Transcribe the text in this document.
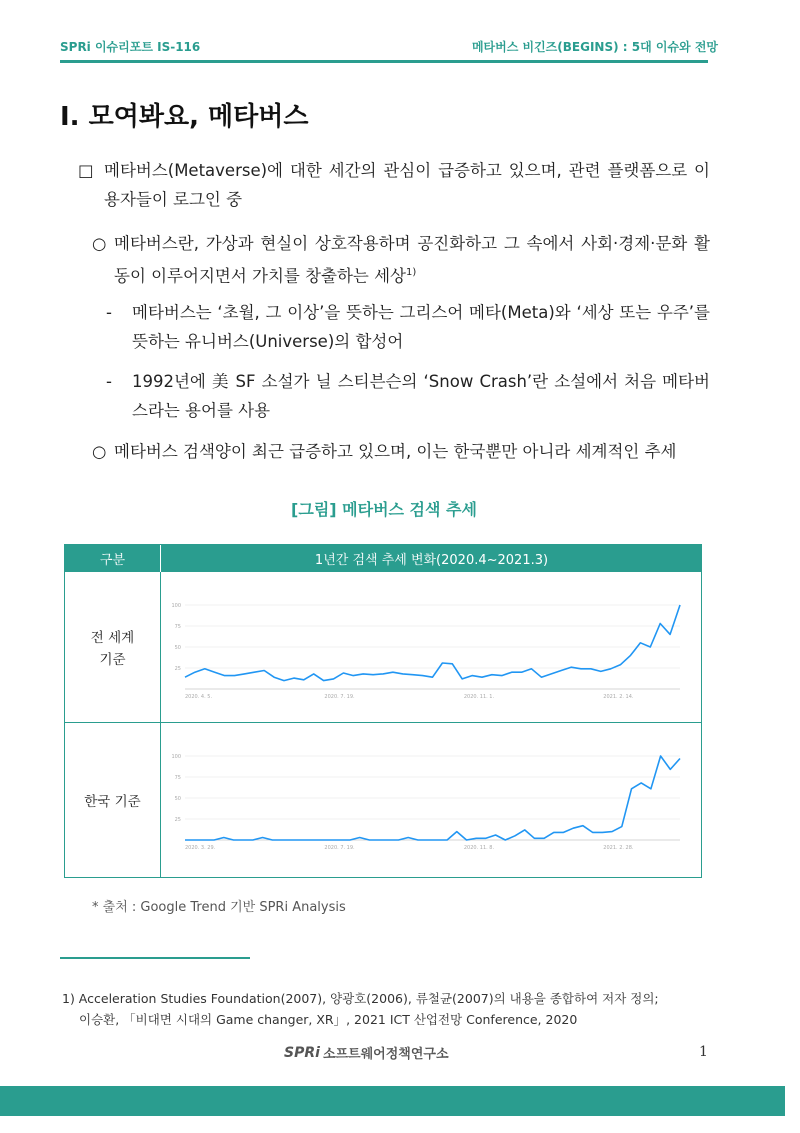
SPRi 이슈리포트 IS-116	메타버스 비긴즈(BEGINS) : 5대 이슈와 전망
I. 모여봐요, 메타버스
□ 메타버스(Metaverse)에 대한 세간의 관심이 급증하고 있으며, 관련 플랫폼으로 이용자들이 로그인 중
○ 메타버스란, 가상과 현실이 상호작용하며 공진화하고 그 속에서 사회·경제·문화 활동이 이루어지면서 가치를 창출하는 세상$^{1)}$
-	메타버스는 ‘초월, 그 이상’을 뜻하는 그리스어 메타(Meta)와 ‘세상 또는 우주’를 뜻하는 유니버스(Universe)의 합성어
-	1992년에 美 SF 소설가 닐 스티븐슨의 ‘Snow Crash’란 소설에서 처음 메타버스라는 용어를 사용
○ 메타버스 검색양이 최근 급증하고 있으며, 이는 한국뿐만 아니라 세계적인 추세
[그림] 메타버스 검색 추세
구분	1년간 검색 추세 변화(2020.4~2021.3)
전 세계
기준
한국 기준
100
75
50
25
2020. 4. 5.	2020. 7. 19.	2020. 11. 1.	2021. 2. 14.
100
75
50
25
2020. 3. 29.	2020. 7. 19.	2020. 11. 8.	2021. 2. 28.
* 출처 : Google Trend 기반 SPRi Analysis
1) Acceleration Studies Foundation(2007), 양광호(2006), 류철균(2007)의 내용을 종합하여 저자 정의;
이승환, 「비대면 시대의 Game changer, XR」, 2021 ICT 산업전망 Conference, 2020
SPRi 소프트웨어정책연구소	1
